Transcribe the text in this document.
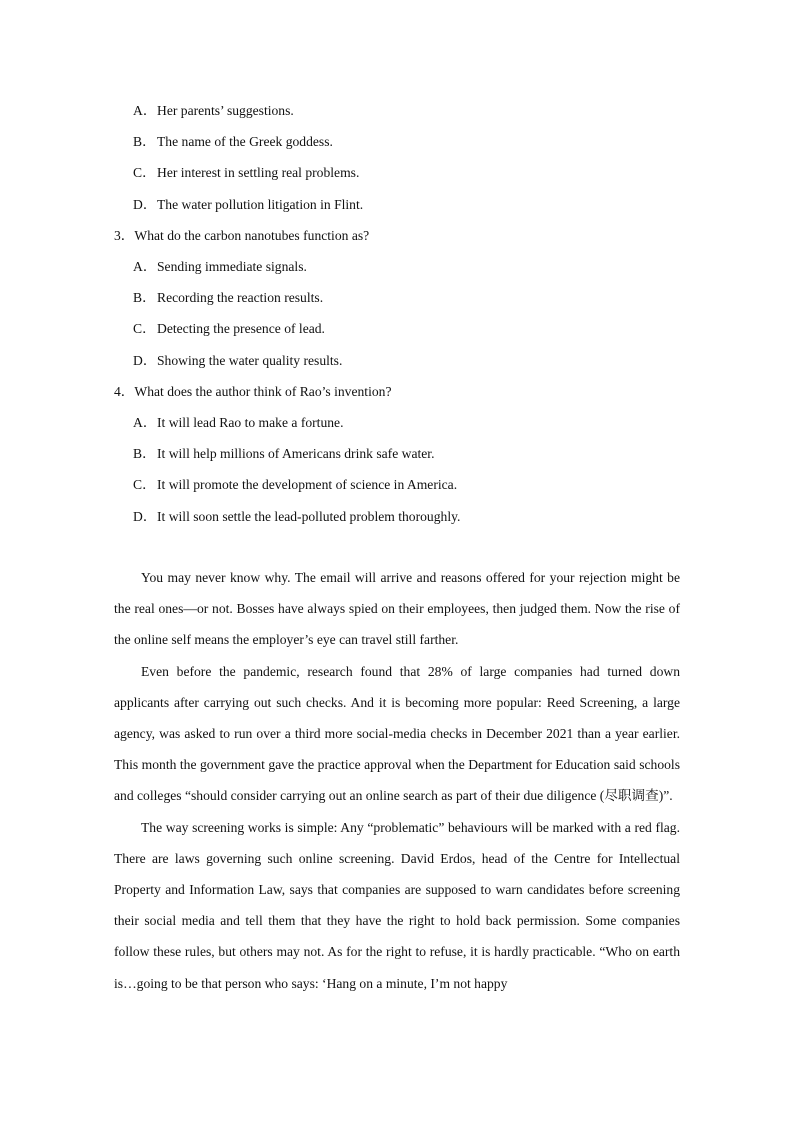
A．Her parents’ suggestions.
B．The name of the Greek goddess.
C．Her interest in settling real problems.
D．The water pollution litigation in Flint.
3．What do the carbon nanotubes function as?
A．Sending immediate signals.
B．Recording the reaction results.
C．Detecting the presence of lead.
D．Showing the water quality results.
4．What does the author think of Rao’s invention?
A．It will lead Rao to make a fortune.
B．It will help millions of Americans drink safe water.
C．It will promote the development of science in America.
D．It will soon settle the lead-polluted problem thoroughly.

You may never know why. The email will arrive and reasons offered for your rejection might be the real ones—or not. Bosses have always spied on their employees, then judged them. Now the rise of the online self means the employer’s eye can travel still farther.

Even before the pandemic, research found that 28% of large companies had turned down applicants after carrying out such checks. And it is becoming more popular: Reed Screening, a large agency, was asked to run over a third more social-media checks in December 2021 than a year earlier. This month the government gave the practice approval when the Department for Education said schools and colleges “should consider carrying out an online search as part of their due diligence (尽职调查)”.

The way screening works is simple: Any “problematic” behaviours will be marked with a red flag. There are laws governing such online screening. David Erdos, head of the Centre for Intellectual Property and Information Law, says that companies are supposed to warn candidates before screening their social media and tell them that they have the right to hold back permission. Some companies follow these rules, but others may not. As for the right to refuse, it is hardly practicable. “Who on earth is…going to be that person who says: ‘Hang on a minute, I’m not happy
